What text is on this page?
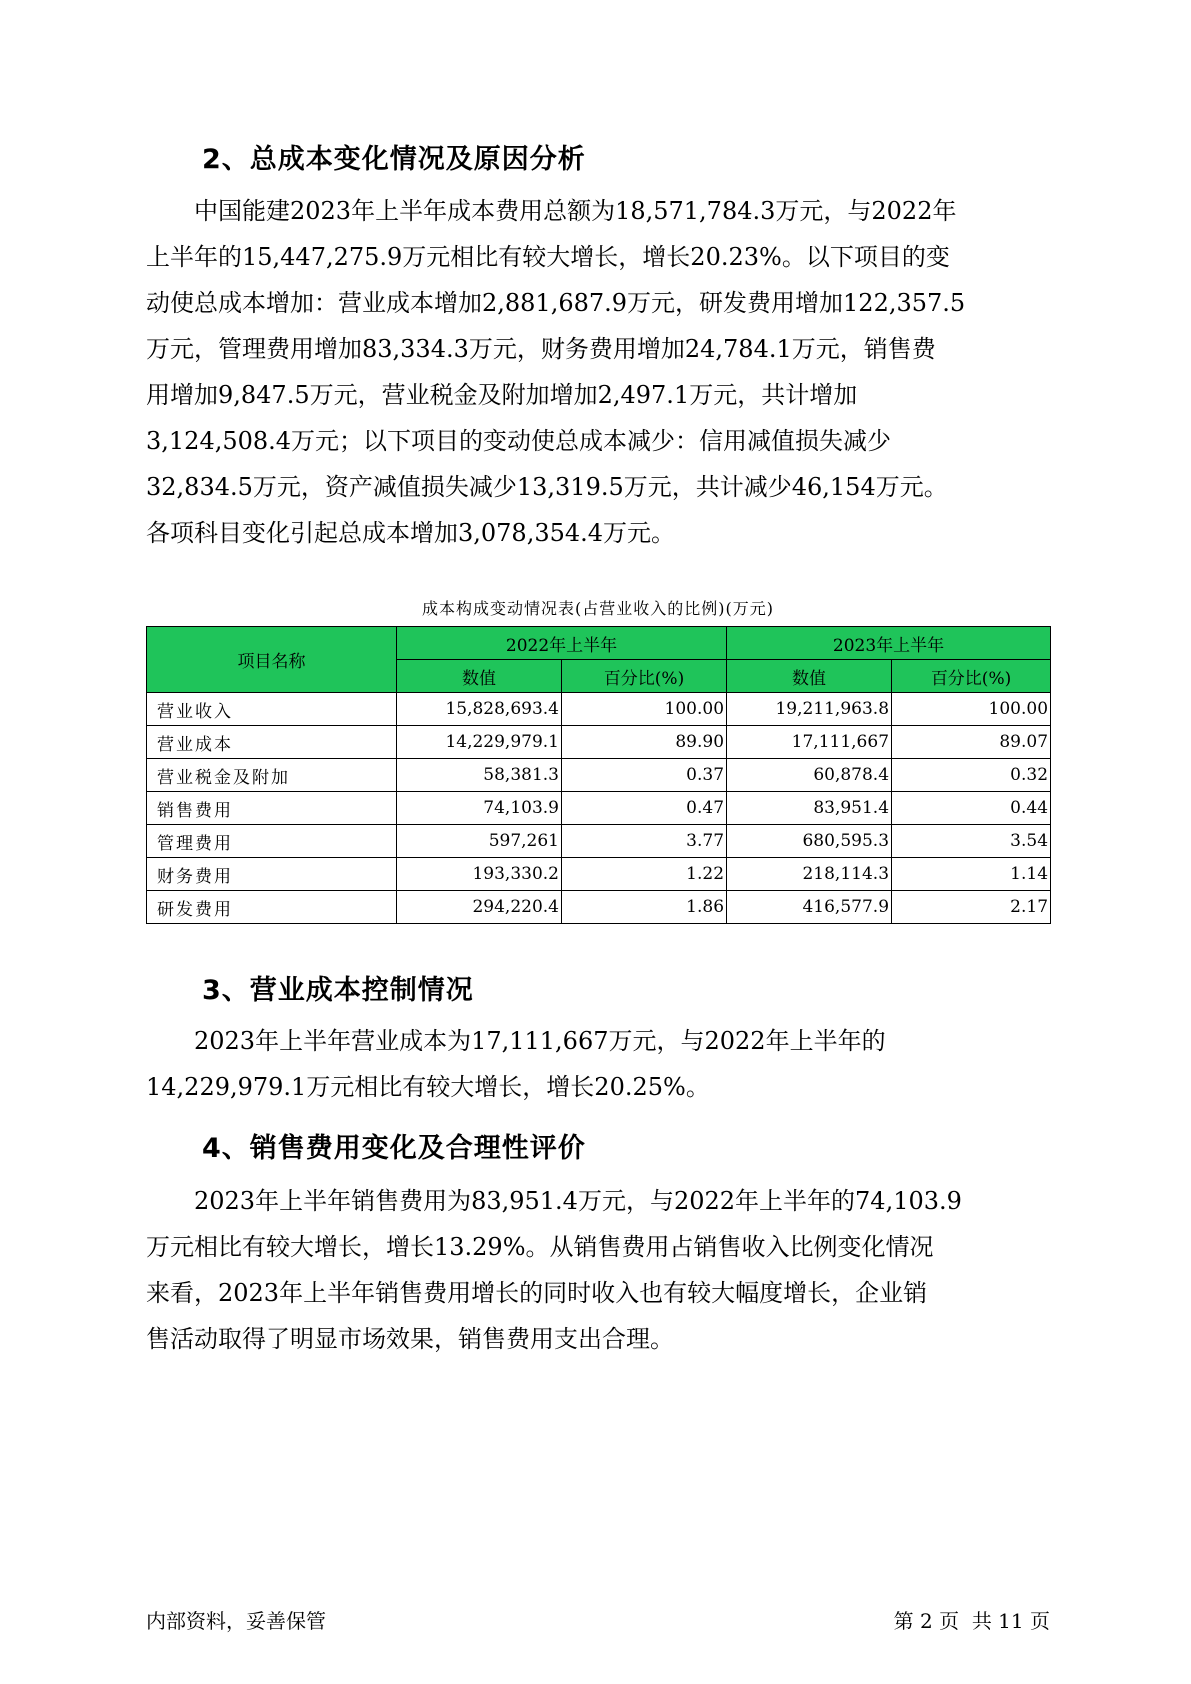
2、总成本变化情况及原因分析
中国能建2023年上半年成本费用总额为18,571,784.3万元，与2022年
上半年的15,447,275.9万元相比有较大增长，增长20.23%。以下项目的变
动使总成本增加：营业成本增加2,881,687.9万元，研发费用增加122,357.5
万元，管理费用增加83,334.3万元，财务费用增加24,784.1万元，销售费
用增加9,847.5万元，营业税金及附加增加2,497.1万元，共计增加
3,124,508.4万元；以下项目的变动使总成本减少：信用减值损失减少
32,834.5万元，资产减值损失减少13,319.5万元，共计减少46,154万元。
各项科目变化引起总成本增加3,078,354.4万元。
成本构成变动情况表(占营业收入的比例)(万元)
项目名称	2022年上半年		2023年上半年	
	数值	百分比(%)	数值	百分比(%)
营业收入	15,828,693.4	100.00	19,211,963.8	100.00
营业成本	14,229,979.1	89.90	17,111,667	89.07
营业税金及附加	58,381.3	0.37	60,878.4	0.32
销售费用	74,103.9	0.47	83,951.4	0.44
管理费用	597,261	3.77	680,595.3	3.54
财务费用	193,330.2	1.22	218,114.3	1.14
研发费用	294,220.4	1.86	416,577.9	2.17
3、营业成本控制情况
2023年上半年营业成本为17,111,667万元，与2022年上半年的
14,229,979.1万元相比有较大增长，增长20.25%。
4、销售费用变化及合理性评价
2023年上半年销售费用为83,951.4万元，与2022年上半年的74,103.9
万元相比有较大增长，增长13.29%。从销售费用占销售收入比例变化情况
来看，2023年上半年销售费用增长的同时收入也有较大幅度增长，企业销
售活动取得了明显市场效果，销售费用支出合理。
内部资料，妥善保管	第 2 页  共 11 页
